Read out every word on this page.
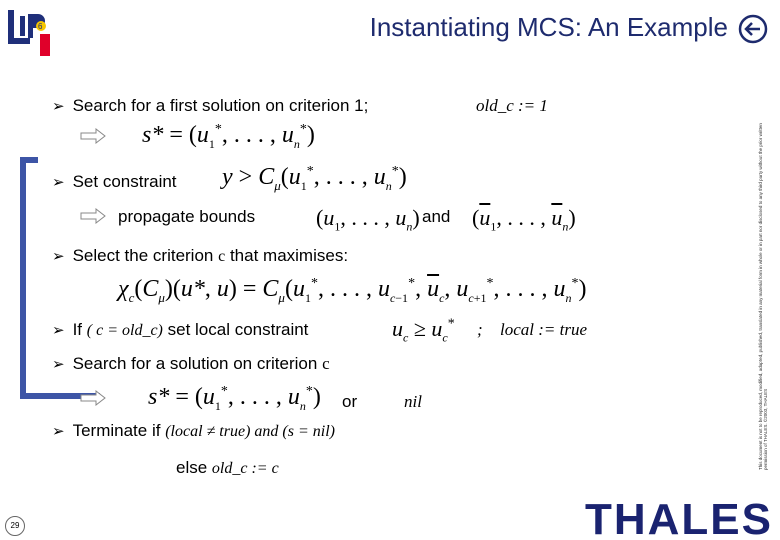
6	Instantiating MCS: An Example
➢ Search for a first solution on criterion 1;	old_c := 1
$s* = (u_1^*$, . . . , $u_n^*$)
➢ Set constraint $y > C_\mu(u_1^*$, . . . , $u_n^*$)
propagate bounds	($u_1$, . . . , $u_n$) and ($\overline{u}_1$, . . . , $\overline{u}_n$)
➢ Select the criterion c that maximises:
$\chi_c(C_\mu)(u*$, $u) = C_\mu(u_1^*$, . . . , $u_{c-1}^*$, $\overline{u}_c$, $u_{c+1}^*$, . . . , $u_n^*$)
➢ If ( c = old_c) set local constraint	$u_c \ge u_c^*$ ; local := true
➢ Search for a solution on criterion c
$s* = (u_1^*$, . . . , $u_n^*$) or	nil
➢ Terminate if (local ≠ true) and (s = nil)
else old_c := c	This document is not to be reproduced, modified, adapted, published, translated in any material form in whole or in part nor disclosed to any third party without the prior written permission of THALES. ©2003, THALES
29	THALES
